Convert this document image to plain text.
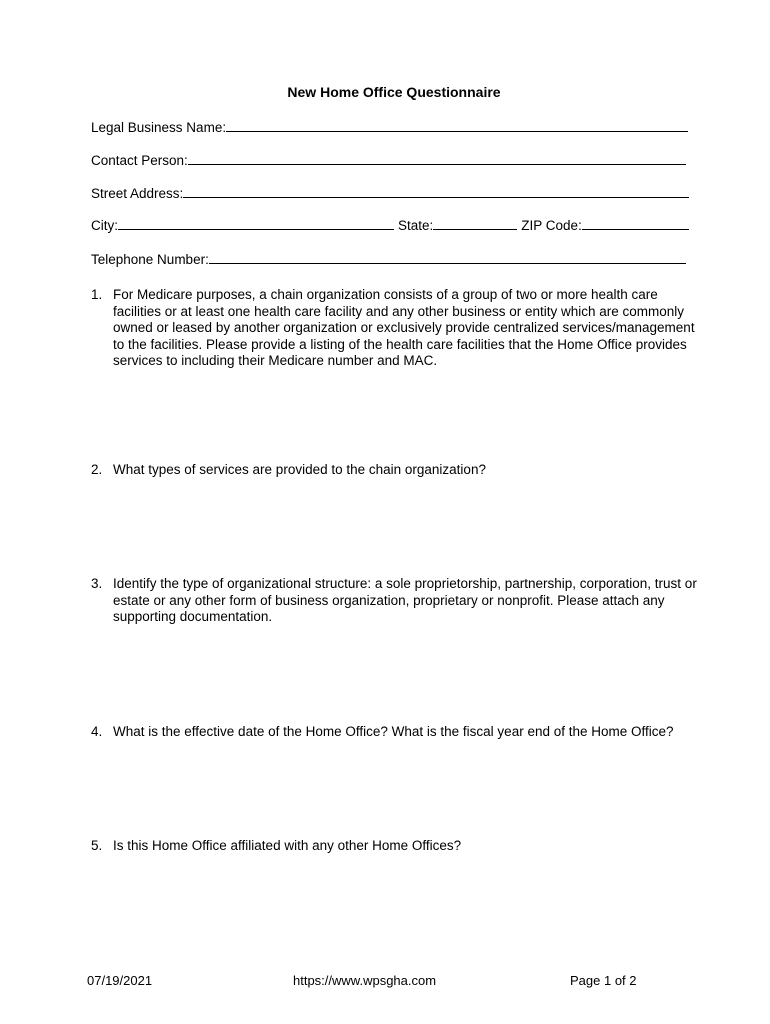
New Home Office Questionnaire
Legal Business Name:
Contact Person:
Street Address:
City:	State:	ZIP Code:
Telephone Number:
1. For Medicare purposes, a chain organization consists of a group of two or more health care facilities or at least one health care facility and any other business or entity which are commonly owned or leased by another organization or exclusively provide centralized services/management to the facilities. Please provide a listing of the health care facilities that the Home Office provides services to including their Medicare number and MAC.
2. What types of services are provided to the chain organization?
3. Identify the type of organizational structure: a sole proprietorship, partnership, corporation, trust or estate or any other form of business organization, proprietary or nonprofit. Please attach any supporting documentation.
4. What is the effective date of the Home Office? What is the fiscal year end of the Home Office?
5. Is this Home Office affiliated with any other Home Offices?
07/19/2021	https://www.wpsgha.com	Page 1 of 2
